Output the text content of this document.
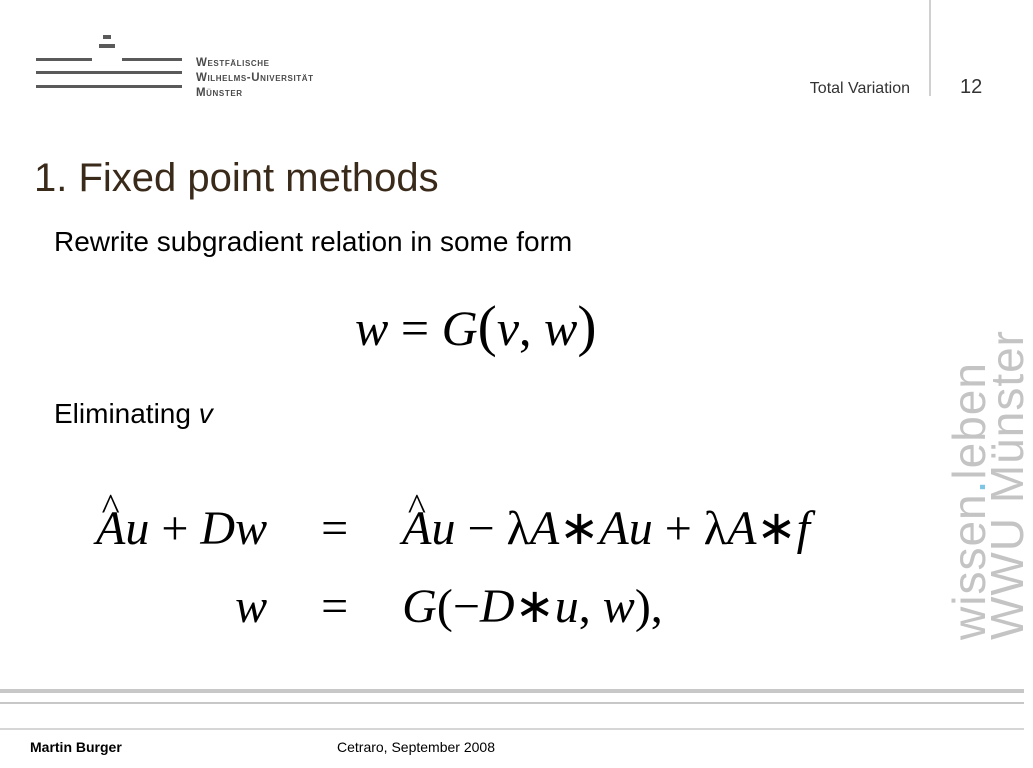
Westfälische
Wilhelms-Universität
Münster	Total Variation	12
1. Fixed point methods
Rewrite subgradient relation in some form
w = G(v, w)
Eliminating v
^ Au + Dw	=	^ Au − λA∗Au + λA∗f
w	=	G(−D∗u, w),	wissen.leben
WWU Münster
Martin Burger	Cetraro, September 2008
